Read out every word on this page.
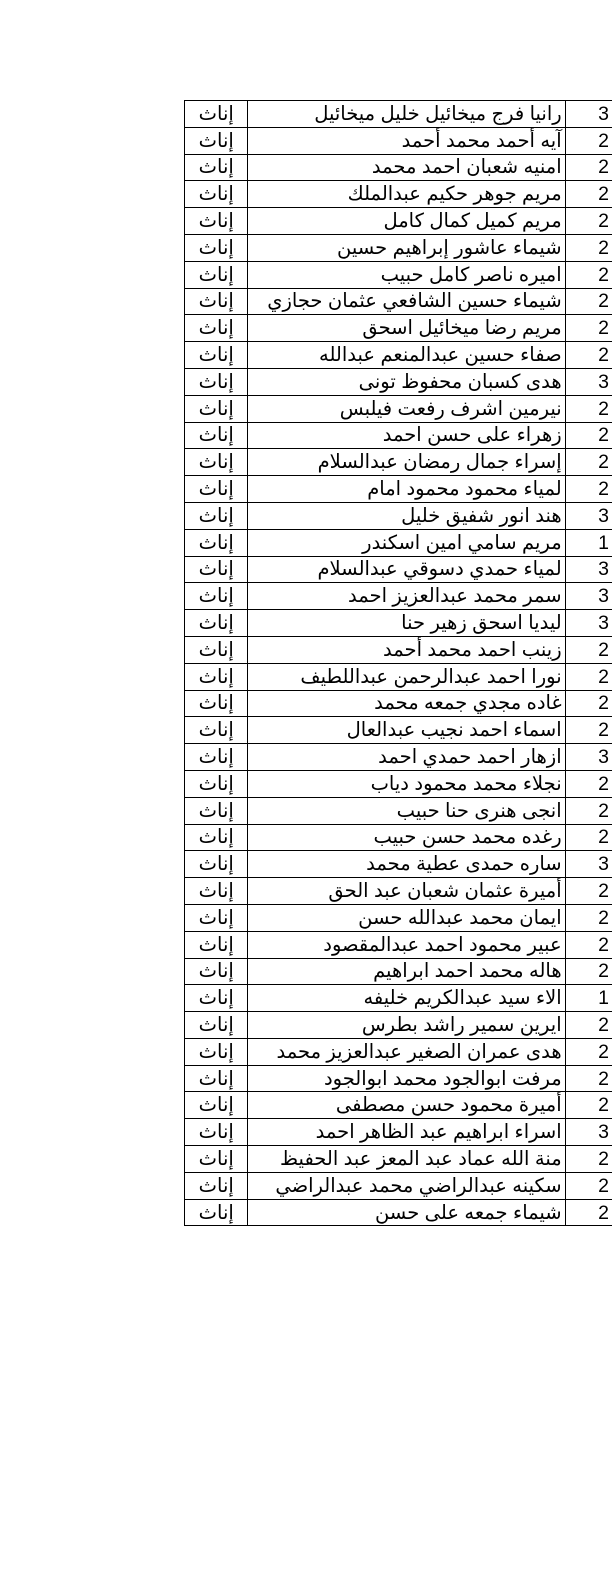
إناث	رانيا فرج ميخائيل خليل ميخائيل	3
إناث	آيه أحمد محمد أحمد	2
إناث	امنيه شعبان احمد محمد	2
إناث	مريم جوهر حكيم عبدالملك	2
إناث	مريم كميل كمال كامل	2
إناث	شيماء عاشور إبراهيم حسين	2
إناث	اميره ناصر كامل حبيب	2
إناث	شيماء حسين الشافعي عثمان حجازي	2
إناث	مريم رضا ميخائيل اسحق	2
إناث	صفاء حسين عبدالمنعم عبدالله	2
إناث	هدى كسبان محفوظ تونى	3
إناث	نيرمين اشرف رفعت فيلبس	2
إناث	زهراء على حسن احمد	2
إناث	إسراء جمال رمضان عبدالسلام	2
إناث	لمياء محمود محمود امام	2
إناث	هند انور شفيق خليل	3
إناث	مريم سامي امين اسكندر	1
إناث	لمياء حمدي دسوقي عبدالسلام	3
إناث	سمر محمد عبدالعزيز احمد	3
إناث	ليديا اسحق زهير حنا	3
إناث	زينب احمد محمد أحمد	2
إناث	نورا احمد عبدالرحمن عبداللطيف	2
إناث	غاده مجدي جمعه محمد	2
إناث	اسماء احمد نجيب عبدالعال	2
إناث	ازهار احمد حمدي احمد	3
إناث	نجلاء محمد محمود دياب	2
إناث	انجى هنرى حنا حبيب	2
إناث	رغده محمد حسن حبيب	2
إناث	ساره حمدى عطية محمد	3
إناث	أميرة عثمان شعبان عبد الحق	2
إناث	ايمان محمد عبدالله حسن	2
إناث	عبير محمود احمد عبدالمقصود	2
إناث	هاله محمد احمد ابراهيم	2
إناث	الاء سيد عبدالكريم خليفه	1
إناث	ايرين سمير راشد بطرس	2
إناث	هدى عمران الصغير عبدالعزيز محمد	2
إناث	مرفت ابوالجود محمد ابوالجود	2
إناث	أميرة محمود حسن مصطفى	2
إناث	اسراء ابراهيم عبد الظاهر احمد	3
إناث	منة الله عماد عبد المعز عبد الحفيظ	2
إناث	سكينه عبدالراضي محمد عبدالراضي	2
إناث	شيماء جمعه على حسن	2
